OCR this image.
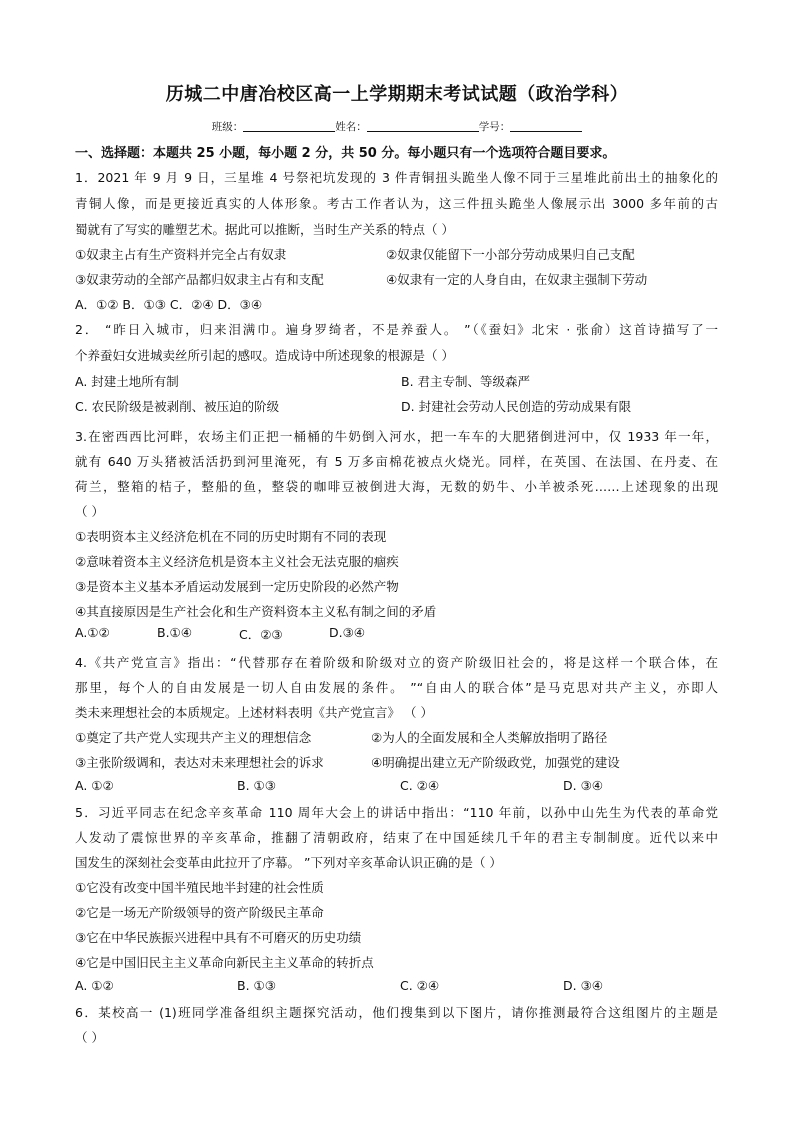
历城二中唐冶校区高一上学期期末考试试题（政治学科）
班级：	姓名：	学号：
一、选择题：本题共 25 小题，每小题 2 分，共 50 分。每小题只有一个选项符合题目要求。
1．2021 年 9 月 9 日，三星堆 4 号祭祀坑发现的 3 件青铜扭头跪坐人像不同于三星堆此前出土的抽象化的
青铜人像，而是更接近真实的人体形象。考古工作者认为，这三件扭头跪坐人像展示出 3000 多年前的古
蜀就有了写实的雕塑艺术。据此可以推断，当时生产关系的特点（ ）
①奴隶主占有生产资料并完全占有奴隶	②奴隶仅能留下一小部分劳动成果归自己支配
③奴隶劳动的全部产品都归奴隶主占有和支配	④奴隶有一定的人身自由，在奴隶主强制下劳动
A．①② B．①③ C．②④ D．③④
2． “昨日入城市，归来泪满巾。遍身罗绮者，不是养蚕人。 ”（《蚕妇》北宋 · 张俞）这首诗描写了一
个养蚕妇女进城卖丝所引起的感叹。造成诗中所述现象的根源是（ ）
A. 封建土地所有制	B. 君主专制、等级森严
C. 农民阶级是被剥削、被压迫的阶级	D. 封建社会劳动人民创造的劳动成果有限
3.在密西西比河畔，农场主们正把一桶桶的牛奶倒入河水，把一车车的大肥猪倒进河中，仅 1933 年一年，
就有 640 万头猪被活活扔到河里淹死，有 5 万多亩棉花被点火烧光。同样，在英国、在法国、在丹麦、在
荷兰，整箱的桔子，整船的鱼，整袋的咖啡豆被倒进大海，无数的奶牛、小羊被杀死……上述现象的出现
（ ）
①表明资本主义经济危机在不同的历史时期有不同的表现
②意味着资本主义经济危机是资本主义社会无法克服的痼疾
③是资本主义基本矛盾运动发展到一定历史阶段的必然产物
④其直接原因是生产社会化和生产资料资本主义私有制之间的矛盾
A.①②	B.①④	C．②③	D.③④
4.《共产党宣言》指出：“代替那存在着阶级和阶级对立的资产阶级旧社会的，将是这样一个联合体，在
那里，每个人的自由发展是一切人自由发展的条件。 ”“自由人的联合体”是马克思对共产主义，亦即人
类未来理想社会的本质规定。上述材料表明《共产党宣言》 （ ）
①奠定了共产党人实现共产主义的理想信念	②为人的全面发展和全人类解放指明了路径
③主张阶级调和，表达对未来理想社会的诉求	④明确提出建立无产阶级政党，加强党的建设
A. ①②	B. ①③	C. ②④	D. ③④
5．习近平同志在纪念辛亥革命 110 周年大会上的讲话中指出：“110 年前，以孙中山先生为代表的革命党
人发动了震惊世界的辛亥革命，推翻了清朝政府，结束了在中国延续几千年的君主专制制度。近代以来中
国发生的深刻社会变革由此拉开了序幕。 ”下列对辛亥革命认识正确的是（ ）
①它没有改变中国半殖民地半封建的社会性质
②它是一场无产阶级领导的资产阶级民主革命
③它在中华民族振兴进程中具有不可磨灭的历史功绩
④它是中国旧民主主义革命向新民主主义革命的转折点
A. ①②	B. ①③	C. ②④	D. ③④
6．某校高一 (1)班同学准备组织主题探究活动，他们搜集到以下图片，请你推测最符合这组图片的主题是
（ ）
